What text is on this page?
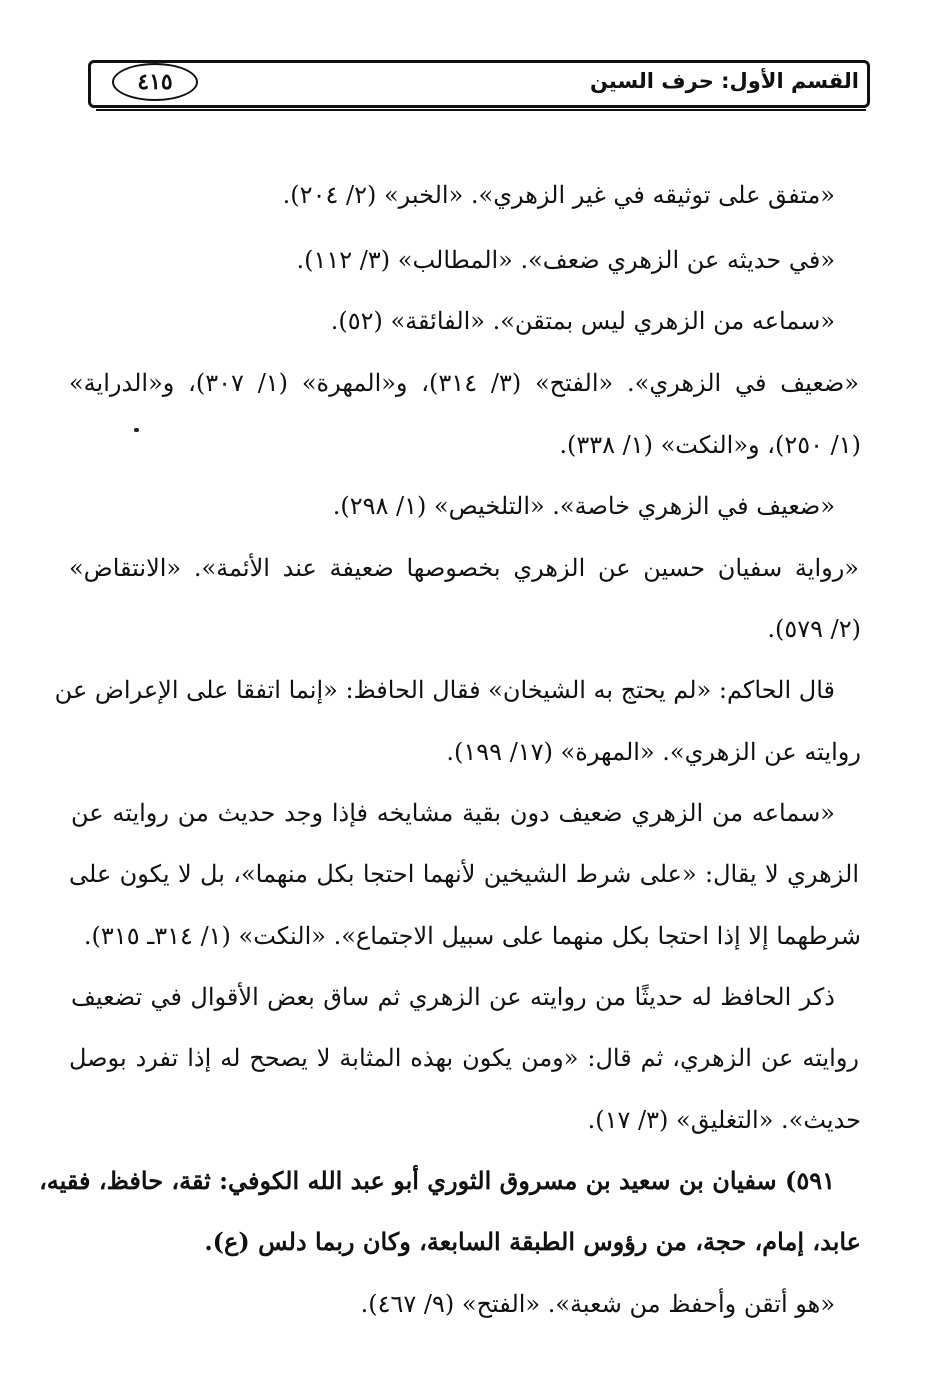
٤١٥	القسم الأول: حرف السين
«متفق على توثيقه في غير الزهري». «الخبر» (٢/ ٢٠٤).
«في حديثه عن الزهري ضعف». «المطالب» (٣/ ١١٢).
«سماعه من الزهري ليس بمتقن». «الفائقة» (٥٢).
«ضعيف في الزهري». «الفتح» (٣/ ٣١٤)، و«المهرة» (١/ ٣٠٧)، و«الدراية»
(١/ ٢٥٠)، و«النكت» (١/ ٣٣٨).
«ضعيف في الزهري خاصة». «التلخيص» (١/ ٢٩٨).
«رواية سفيان حسين عن الزهري بخصوصها ضعيفة عند الأئمة». «الانتقاض»
(٢/ ٥٧٩).
قال الحاكم: «لم يحتج به الشيخان» فقال الحافظ: «إنما اتفقا على الإعراض عن
روايته عن الزهري». «المهرة» (١٧/ ١٩٩).
«سماعه من الزهري ضعيف دون بقية مشايخه فإذا وجد حديث من روايته عن
الزهري لا يقال: «على شرط الشيخين لأنهما احتجا بكل منهما»، بل لا يكون على
شرطهما إلا إذا احتجا بكل منهما على سبيل الاجتماع». «النكت» (١/ ٣١٤ـ ٣١٥).
ذكر الحافظ له حديثًا من روايته عن الزهري ثم ساق بعض الأقوال في تضعيف
روايته عن الزهري، ثم قال: «ومن يكون بهذه المثابة لا يصحح له إذا تفرد بوصل
حديث». «التغليق» (٣/ ١٧).
٥٩١) سفيان بن سعيد بن مسروق الثوري أبو عبد الله الكوفي: ثقة، حافظ، فقيه،
عابد، إمام، حجة، من رؤوس الطبقة السابعة، وكان ربما دلس (ع).
«هو أتقن وأحفظ من شعبة». «الفتح» (٩/ ٤٦٧).
